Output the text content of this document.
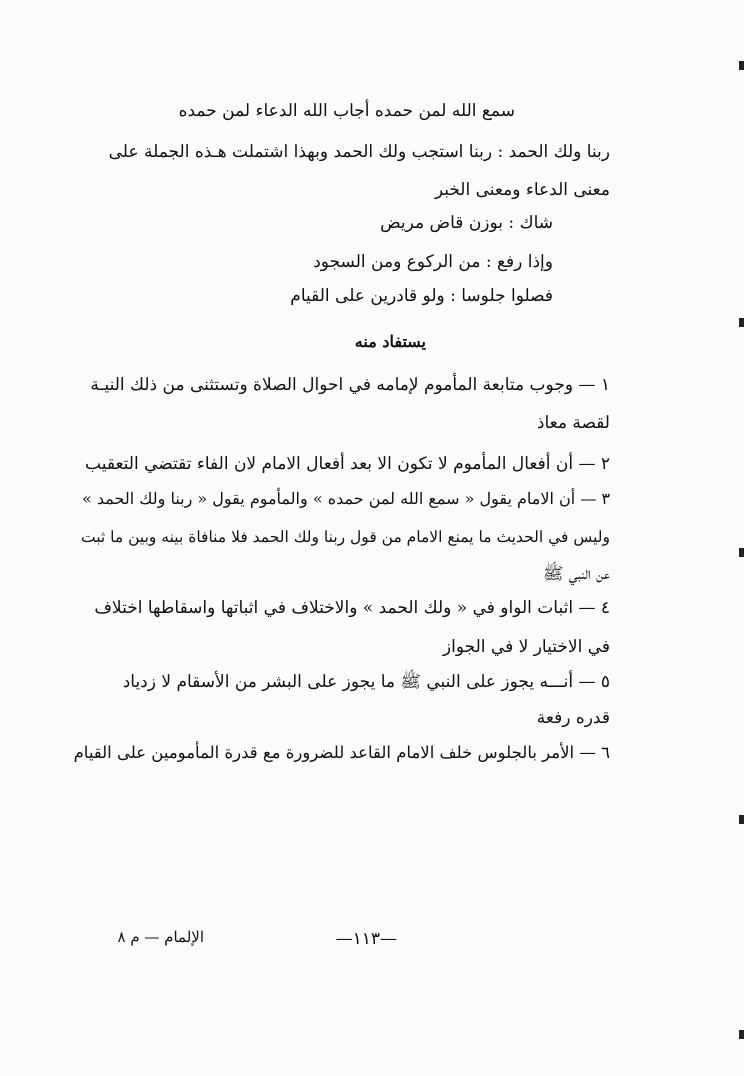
سمع الله لمن حمده أجاب الله الدعاء لمن حمده
ربنا ولك الحمد : ربنا استجب ولك الحمد وبهذا اشتملت هـذه الجملة على
معنى الدعاء ومعنى الخبر
شاك : بوزن قاض مريض
وإذا رفع : من الركوع ومن السجود
فصلوا جلوسا : ولو قادرين على القيام
يستفاد منه
١ — وجوب متابعة المأموم لإمامه في احوال الصلاة وتستثنى من ذلك النيـة
لقصة معاذ
٢ — أن أفعال المأموم لا تكون الا بعد أفعال الامام لان الفاء تقتضي التعقيب
٣ — أن الامام يقول « سمع الله لمن حمده » والمأموم يقول « ربنا ولك الحمد »
وليس في الحديث ما يمنع الامام من قول ربنا ولك الحمد فلا منافاة بينه وبين ما ثبت
عن النبي ﷺ
٤ — اثبات الواو في « ولك الحمد » والاختلاف في اثباتها واسقاطها اختلاف
في الاختيار لا في الجواز
٥ — أنـــه يجوز على النبي ﷺ ما يجوز على البشر من الأسقام لا زدياد
قدره رفعة
٦ — الأمر بالجلوس خلف الامام القاعد للضرورة مع قدرة المأمومين على القيام
—١١٣—
الإلمام — م ٨
